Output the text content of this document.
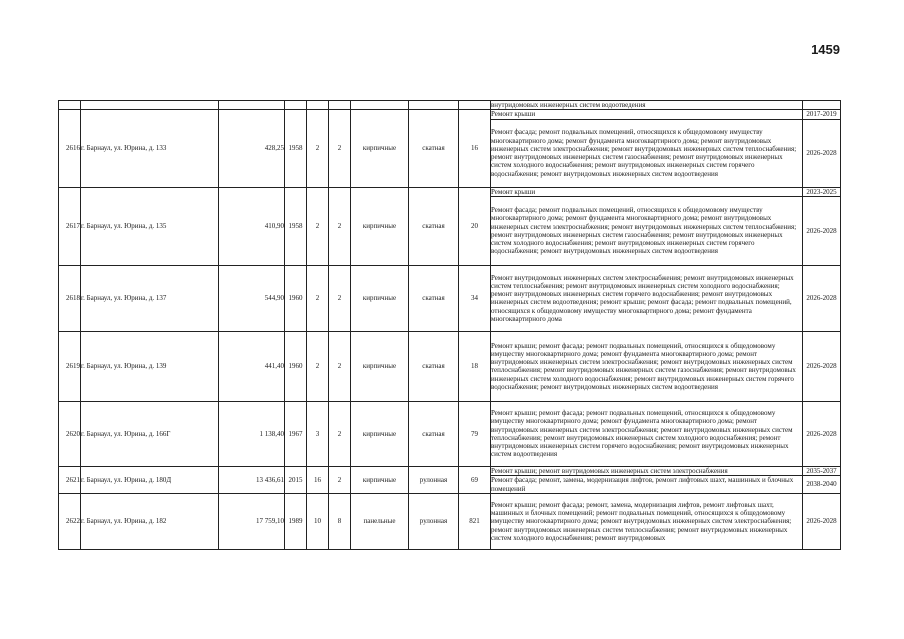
1459
									внутридомовых инженерных систем водоотведения	
2616	г. Барнаул, ул. Юрина, д. 133	428,25	1958	2	2	кирпичные	скатная	16	Ремонт крыши	2017-2019
									Ремонт фасада; ремонт подвальных помещений, относящихся к общедомовому имуществу многоквартирного дома; ремонт фундамента многоквартирного дома; ремонт внутридомовых инженерных систем электроснабжения; ремонт внутридомовых инженерных систем теплоснабжения; ремонт внутридомовых инженерных систем газоснабжения; ремонт внутридомовых инженерных систем холодного водоснабжения; ремонт внутридомовых инженерных систем горячего водоснабжения; ремонт внутридомовых инженерных систем водоотведения	2026-2028
2617	г. Барнаул, ул. Юрина, д. 135	410,90	1958	2	2	кирпичные	скатная	20	Ремонт крыши	2023-2025
									Ремонт фасада; ремонт подвальных помещений, относящихся к общедомовому имуществу многоквартирного дома; ремонт фундамента многоквартирного дома; ремонт внутридомовых инженерных систем электроснабжения; ремонт внутридомовых инженерных систем теплоснабжения; ремонт внутридомовых инженерных систем газоснабжения; ремонт внутридомовых инженерных систем холодного водоснабжения; ремонт внутридомовых инженерных систем горячего водоснабжения; ремонт внутридомовых инженерных систем водоотведения	2026-2028
2618	г. Барнаул, ул. Юрина, д. 137	544,90	1960	2	2	кирпичные	скатная	34	Ремонт внутридомовых инженерных систем электроснабжения; ремонт внутридомовых инженерных систем теплоснабжения; ремонт внутридомовых инженерных систем холодного водоснабжения; ремонт внутридомовых инженерных систем горячего водоснабжения; ремонт внутридомовых инженерных систем водоотведения; ремонт крыши; ремонт фасада; ремонт подвальных помещений, относящихся к общедомовому имуществу многоквартирного дома; ремонт фундамента многоквартирного дома	2026-2028
2619	г. Барнаул, ул. Юрина, д. 139	441,40	1960	2	2	кирпичные	скатная	18	Ремонт крыши; ремонт фасада; ремонт подвальных помещений, относящихся к общедомовому имуществу многоквартирного дома; ремонт фундамента многоквартирного дома; ремонт внутридомовых инженерных систем электроснабжения; ремонт внутридомовых инженерных систем теплоснабжения; ремонт внутридомовых инженерных систем газоснабжения; ремонт внутридомовых инженерных систем холодного водоснабжения; ремонт внутридомовых инженерных систем горячего водоснабжения; ремонт внутридомовых инженерных систем водоотведения	2026-2028
2620	г. Барнаул, ул. Юрина, д. 166Г	1 138,40	1967	3	2	кирпичные	скатная	79	Ремонт крыши; ремонт фасада; ремонт подвальных помещений, относящихся к общедомовому имуществу многоквартирного дома; ремонт фундамента многоквартирного дома; ремонт внутридомовых инженерных систем электроснабжения; ремонт внутридомовых инженерных систем теплоснабжения; ремонт внутридомовых инженерных систем холодного водоснабжения; ремонт внутридомовых инженерных систем горячего водоснабжения; ремонт внутридомовых инженерных систем водоотведения	2026-2028
2621	г. Барнаул, ул. Юрина, д. 180Д	13 436,61	2015	16	2	кирпичные	рулонная	69	Ремонт крыши; ремонт внутридомовых инженерных систем электроснабжения	2035-2037
									Ремонт фасада; ремонт, замена, модернизация лифтов, ремонт лифтовых шахт, машинных и блочных помещений	2038-2040
2622	г. Барнаул, ул. Юрина, д. 182	17 759,10	1989	10	8	панельные	рулонная	821	Ремонт крыши; ремонт фасада; ремонт, замена, модернизация лифтов, ремонт лифтовых шахт, машинных и блочных помещений; ремонт подвальных помещений, относящихся к общедомовому имуществу многоквартирного дома; ремонт внутридомовых инженерных систем электроснабжения; ремонт внутридомовых инженерных систем теплоснабжения; ремонт внутридомовых инженерных систем холодного водоснабжения; ремонт внутридомовых	2026-2028
